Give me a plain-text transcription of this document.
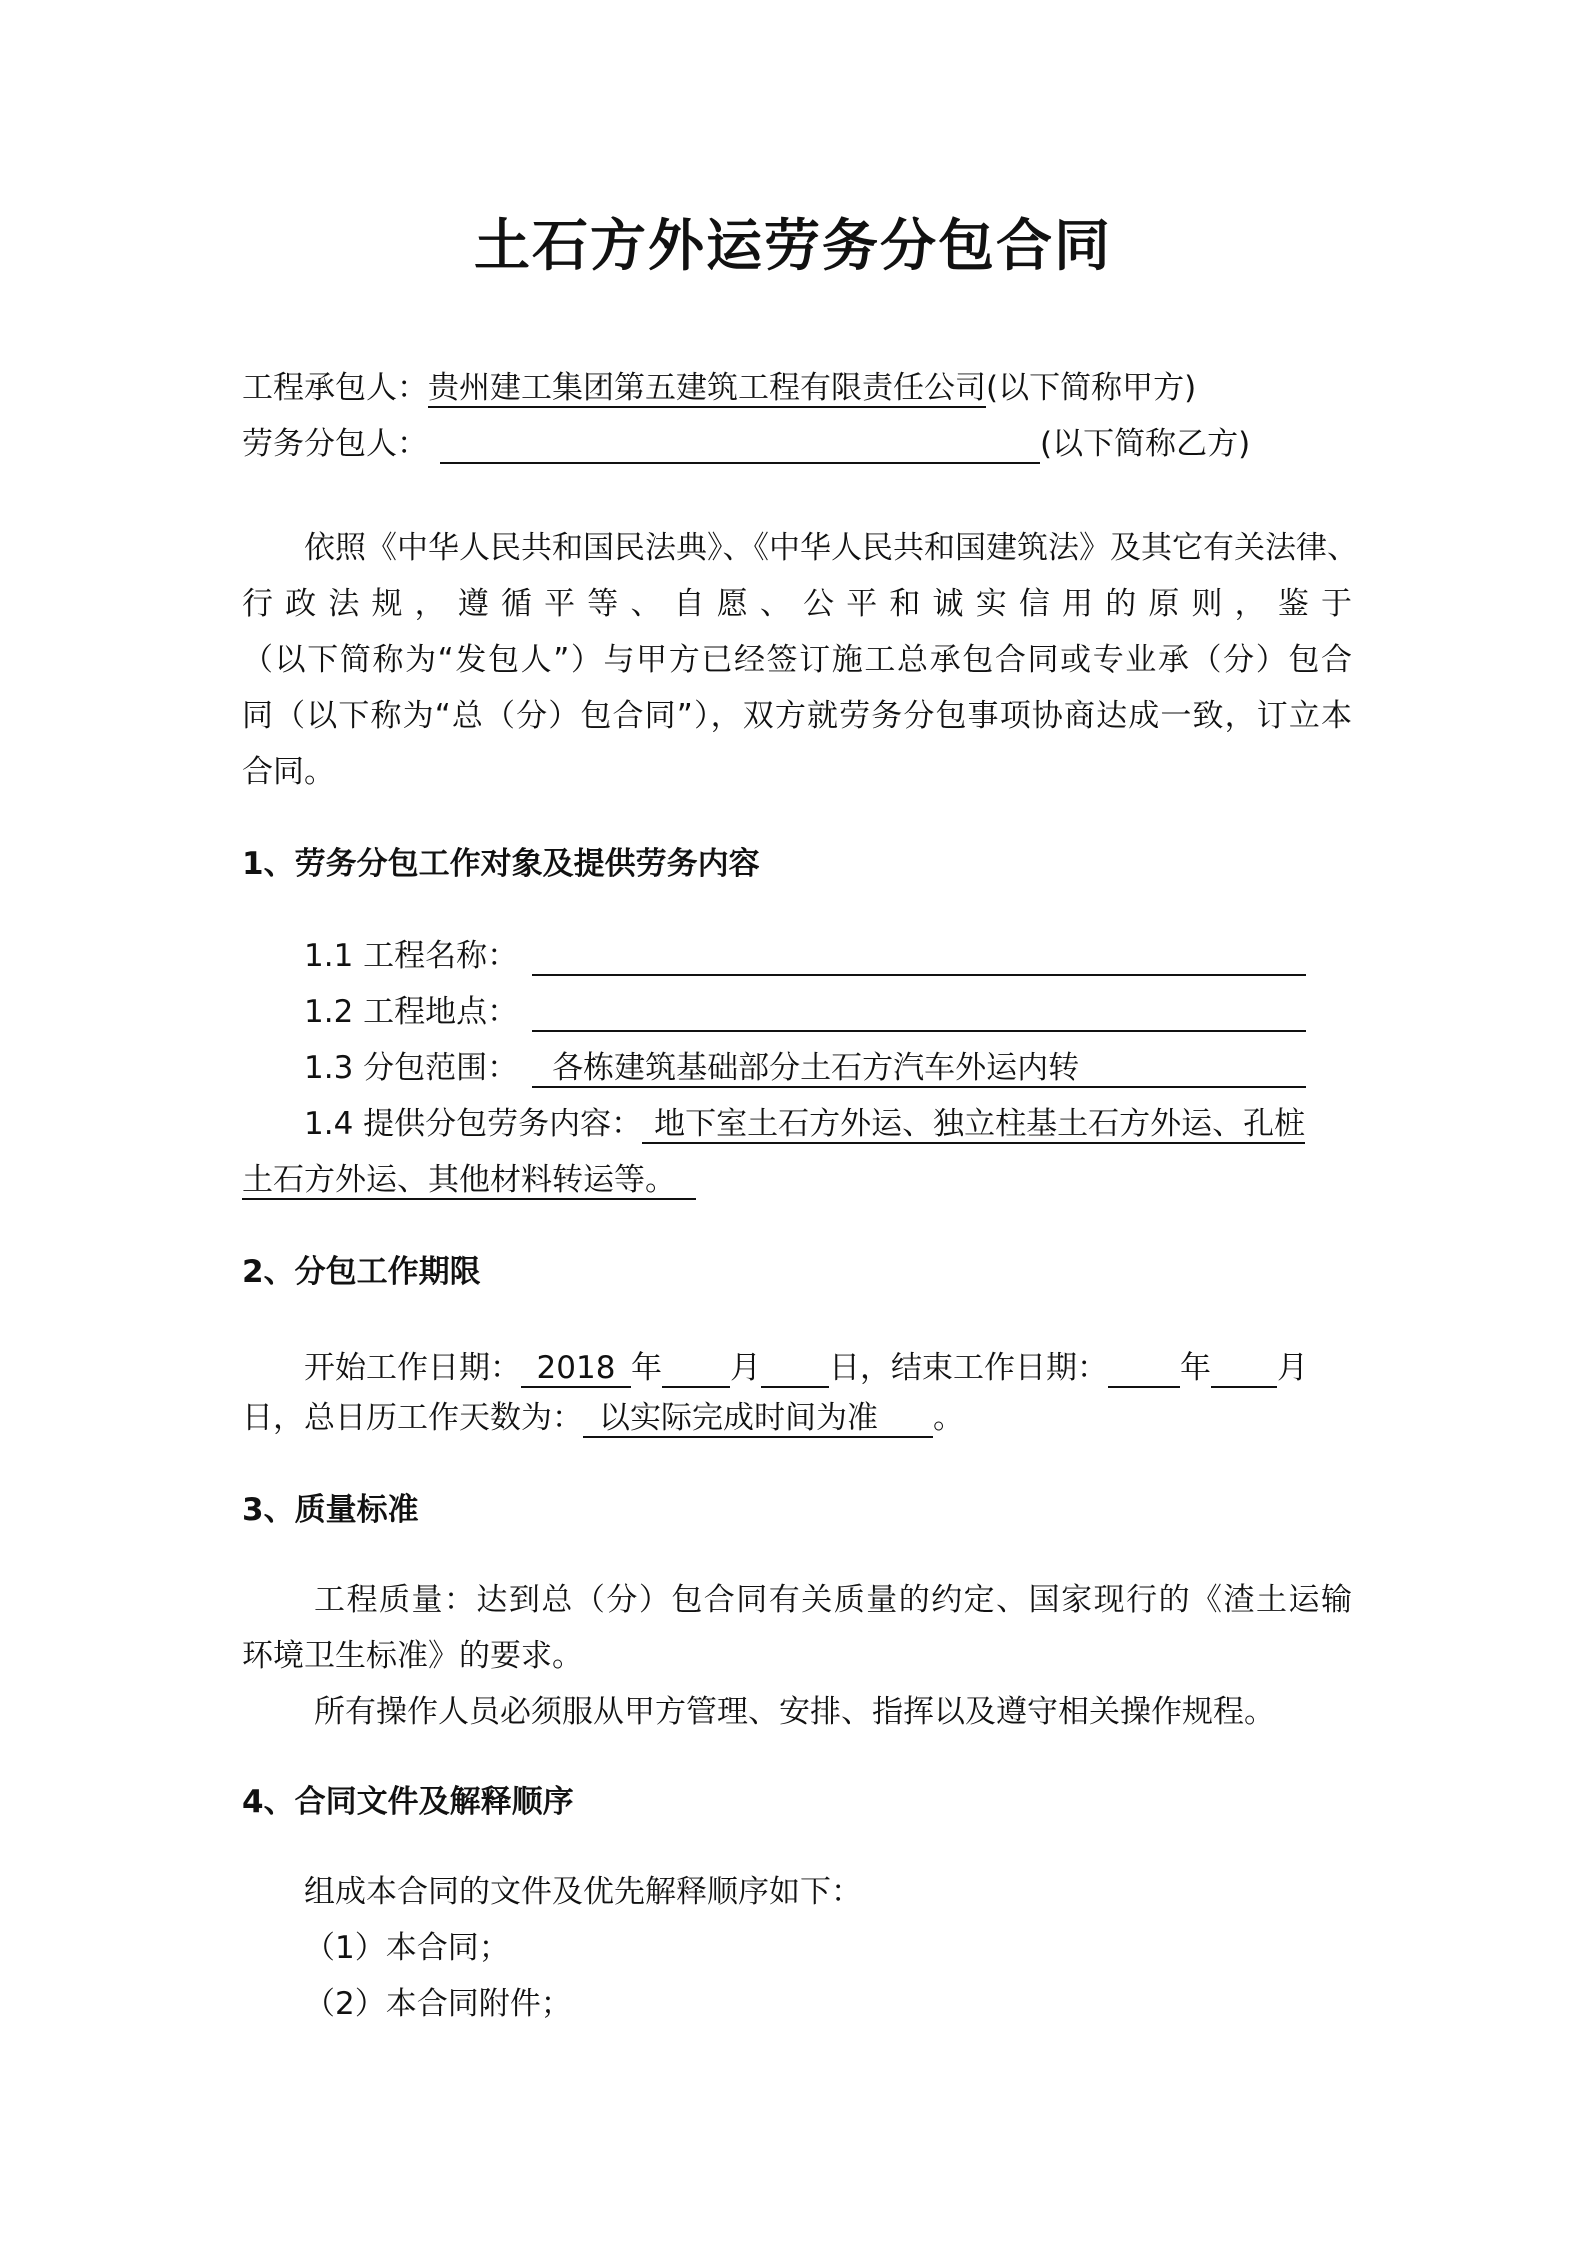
土石方外运劳务分包合同
工程承包人：贵州建工集团第五建筑工程有限责任公司(以下简称甲方)
劳务分包人：	(以下简称乙方)
依照《中华人民共和国民法典》、《中华人民共和国建筑法》及其它有关法律、
行政法规，遵循平等、自愿、公平和诚实信用的原则，鉴于
（以下简称为“发包人”）与甲方已经签订施工总承包合同或专业承（分）包合
同（以下称为“总（分）包合同”），双方就劳务分包事项协商达成一致，订立本
合同。
1、劳务分包工作对象及提供劳务内容
1.1 工程名称：
1.2 工程地点：
1.3 分包范围： 各栋建筑基础部分土石方汽车外运内转
1.4 提供分包劳务内容： 地下室土石方外运、独立柱基土石方外运、孔桩
土石方外运、其他材料转运等。
2、分包工作期限
开始工作日期： 2018 年 月 日，结束工作日期： 年 月
日，总日历工作天数为： 以实际完成时间为准 。
3、质量标准
工程质量：达到总（分）包合同有关质量的约定、国家现行的《渣土运输
环境卫生标准》的要求。
所有操作人员必须服从甲方管理、安排、指挥以及遵守相关操作规程。
4、合同文件及解释顺序
组成本合同的文件及优先解释顺序如下：
（1）本合同；
（2）本合同附件；
